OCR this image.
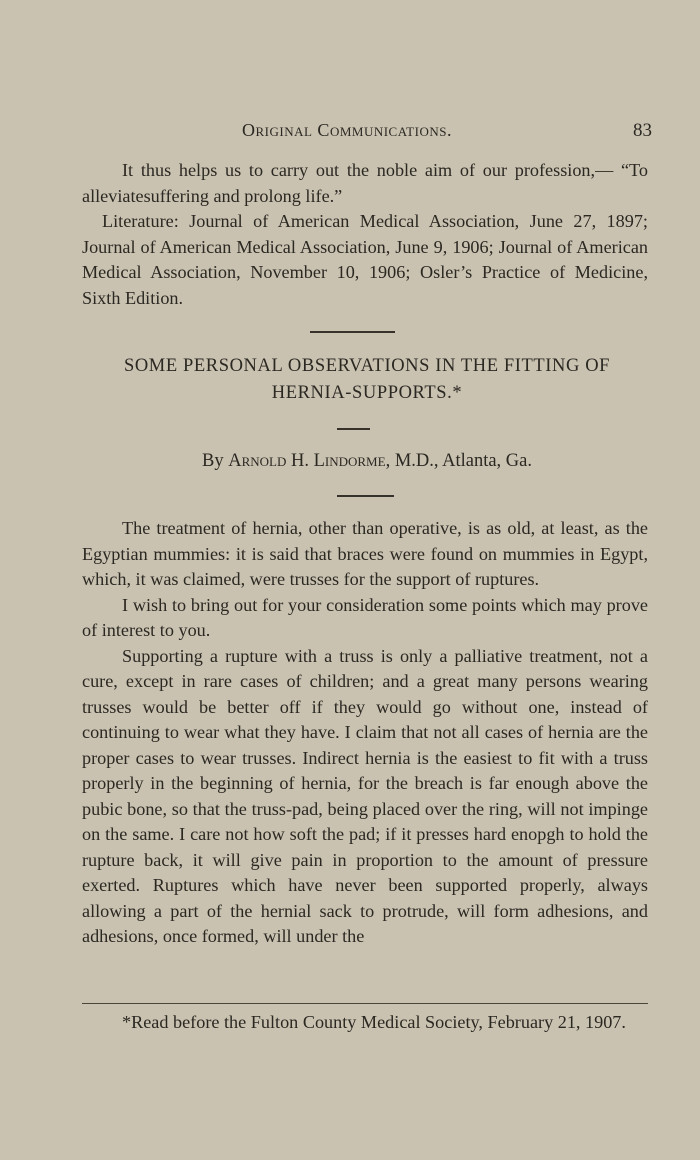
Original Communications.	83

It thus helps us to carry out the noble aim of our profession,— “To alleviatesuffering and prolong life.”

Literature: Journal of American Medical Association, June 27, 1897; Journal of American Medical Association, June 9, 1906; Journal of American Medical Association, November 10, 1906; Osler’s Practice of Medicine, Sixth Edition.

SOME PERSONAL OBSERVATIONS IN THE FITTING OF
HERNIA-SUPPORTS.*
By Arnold H. Lindorme, M.D., Atlanta, Ga.

The treatment of hernia, other than operative, is as old, at least, as the Egyptian mummies: it is said that braces were found on mummies in Egypt, which, it was claimed, were trusses for the support of ruptures.

I wish to bring out for your consideration some points which may prove of interest to you.

Supporting a rupture with a truss is only a palliative treatment, not a cure, except in rare cases of children; and a great many persons wearing trusses would be better off if they would go without one, instead of continuing to wear what they have. I claim that not all cases of hernia are the proper cases to wear trusses. Indirect hernia is the easiest to fit with a truss properly in the beginning of hernia, for the breach is far enough above the pubic bone, so that the truss-pad, being placed over the ring, will not impinge on the same. I care not how soft the pad; if it presses hard enopgh to hold the rupture back, it will give pain in proportion to the amount of pressure exerted. Ruptures which have never been supported properly, always allowing a part of the hernial sack to protrude, will form adhesions, and adhesions, once formed, will under the

*Read before the Fulton County Medical Society, February 21, 1907.
